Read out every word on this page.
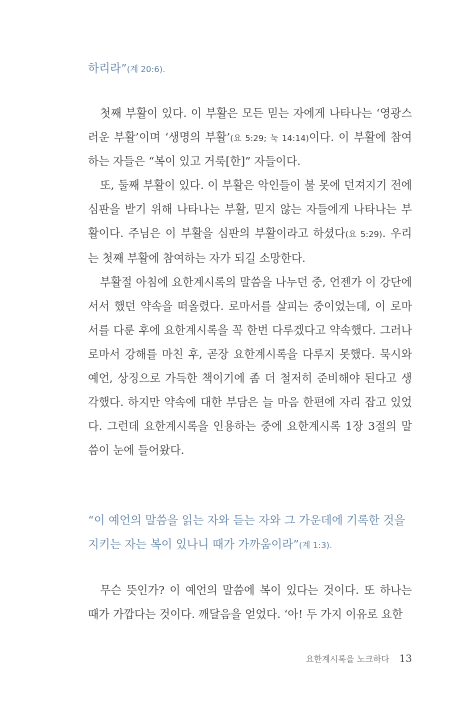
하리라”(계 20:6).

첫째 부활이 있다. 이 부활은 모든 믿는 자에게 나타나는 ‘영광스러운 부활’이며 ‘생명의 부활’(요 5:29; 눅 14:14)이다. 이 부활에 참여하는 자들은 “복이 있고 거룩[한]” 자들이다.

또, 둘째 부활이 있다. 이 부활은 악인들이 불 못에 던져지기 전에 심판을 받기 위해 나타나는 부활, 믿지 않는 자들에게 나타나는 부활이다. 주님은 이 부활을 심판의 부활이라고 하셨다(요 5:29). 우리는 첫째 부활에 참여하는 자가 되길 소망한다.

부활절 아침에 요한계시록의 말씀을 나누던 중, 언젠가 이 강단에 서서 했던 약속을 떠올렸다. 로마서를 살피는 중이었는데, 이 로마서를 다룬 후에 요한계시록을 꼭 한번 다루겠다고 약속했다. 그러나 로마서 강해를 마친 후, 곧장 요한계시록을 다루지 못했다. 묵시와 예언, 상징으로 가득한 책이기에 좀 더 철저히 준비해야 된다고 생각했다. 하지만 약속에 대한 부담은 늘 마음 한편에 자리 잡고 있었다. 그런데 요한계시록을 인용하는 중에 요한계시록 1장 3절의 말씀이 눈에 들어왔다.

“이 예언의 말씀을 읽는 자와 듣는 자와 그 가운데에 기록한 것을 지키는 자는 복이 있나니 때가 가까움이라”(계 1:3).

무슨 뜻인가? 이 예언의 말씀에 복이 있다는 것이다. 또 하나는 때가 가깝다는 것이다. 깨달음을 얻었다. ‘아! 두 가지 이유로 요한

요한계시록을 노크하다 13
